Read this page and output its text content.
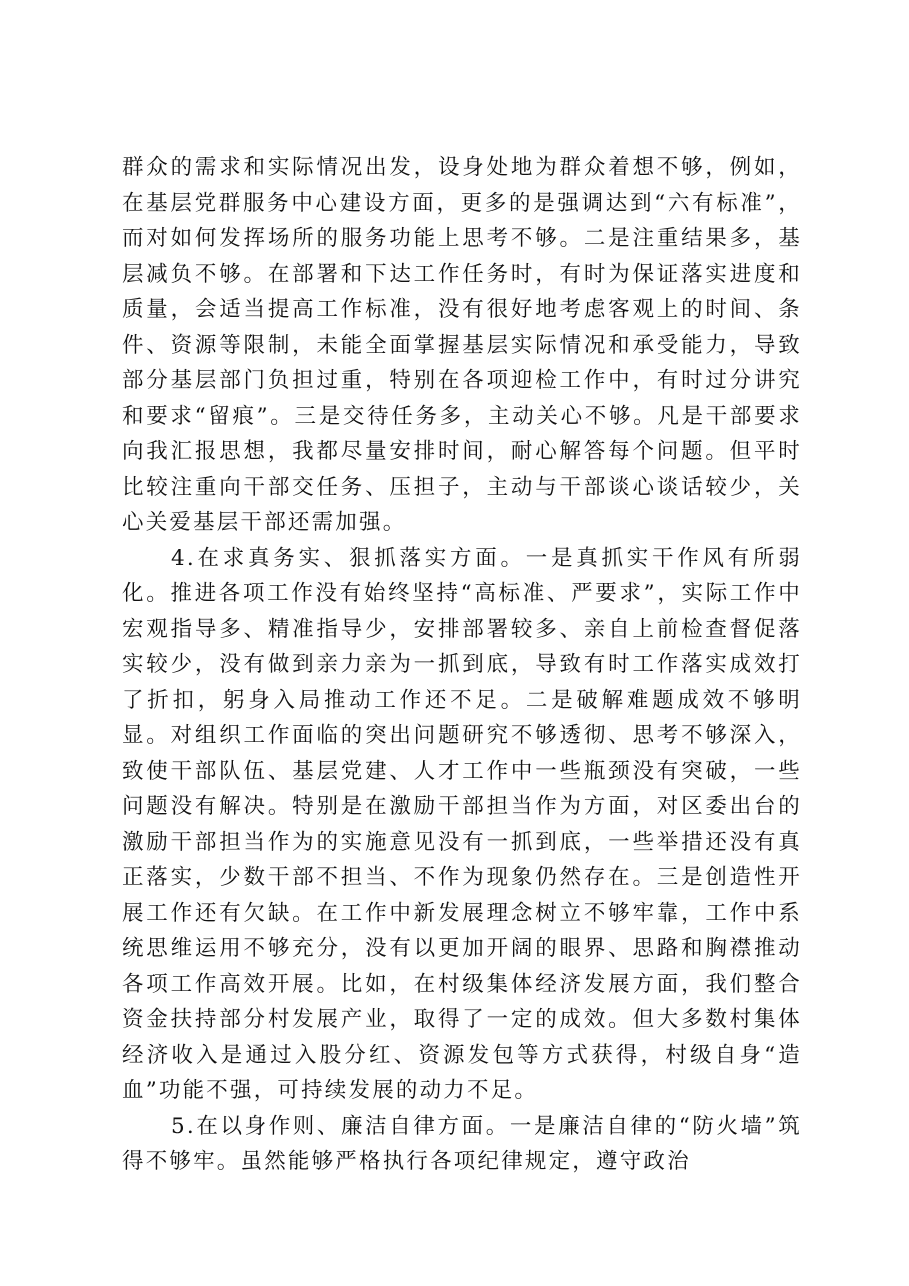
群众的需求和实际情况出发，设身处地为群众着想不够，例如，在基层党群服务中心建设方面，更多的是强调达到“六有标准”，而对如何发挥场所的服务功能上思考不够。二是注重结果多，基层减负不够。在部署和下达工作任务时，有时为保证落实进度和质量，会适当提高工作标准，没有很好地考虑客观上的时间、条件、资源等限制，未能全面掌握基层实际情况和承受能力，导致部分基层部门负担过重，特别在各项迎检工作中，有时过分讲究和要求“留痕”。三是交待任务多，主动关心不够。凡是干部要求向我汇报思想，我都尽量安排时间，耐心解答每个问题。但平时比较注重向干部交任务、压担子，主动与干部谈心谈话较少，关心关爱基层干部还需加强。

4.在求真务实、狠抓落实方面。一是真抓实干作风有所弱化。推进各项工作没有始终坚持“高标准、严要求”，实际工作中宏观指导多、精准指导少，安排部署较多、亲自上前检查督促落实较少，没有做到亲力亲为一抓到底，导致有时工作落实成效打了折扣，躬身入局推动工作还不足。二是破解难题成效不够明显。对组织工作面临的突出问题研究不够透彻、思考不够深入，致使干部队伍、基层党建、人才工作中一些瓶颈没有突破，一些问题没有解决。特别是在激励干部担当作为方面，对区委出台的激励干部担当作为的实施意见没有一抓到底，一些举措还没有真正落实，少数干部不担当、不作为现象仍然存在。三是创造性开展工作还有欠缺。在工作中新发展理念树立不够牢靠，工作中系统思维运用不够充分，没有以更加开阔的眼界、思路和胸襟推动各项工作高效开展。比如，在村级集体经济发展方面，我们整合资金扶持部分村发展产业，取得了一定的成效。但大多数村集体经济收入是通过入股分红、资源发包等方式获得，村级自身“造血”功能不强，可持续发展的动力不足。

5.在以身作则、廉洁自律方面。一是廉洁自律的“防火墙”筑得不够牢。虽然能够严格执行各项纪律规定，遵守政治
